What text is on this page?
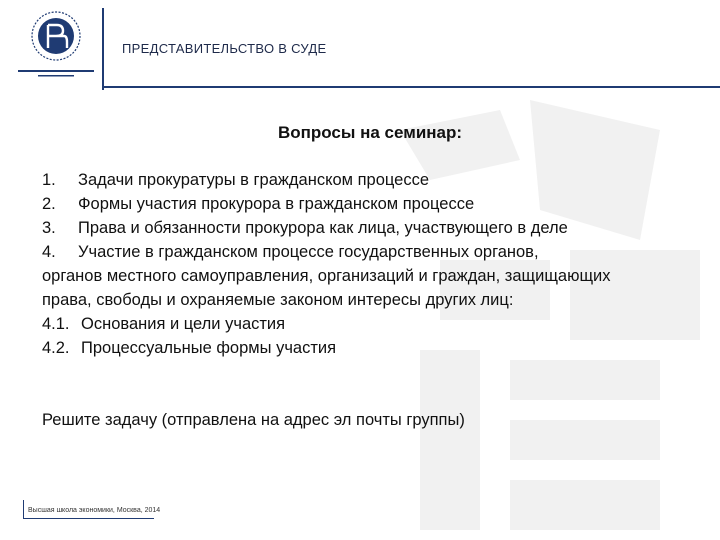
ПРЕДСТАВИТЕЛЬСТВО В СУДЕ
Вопросы на семинар:
1.	Задачи прокуратуры в гражданском процессе
2.	Формы участия прокурора в гражданском процессе
3.	Права и обязанности прокурора как лица, участвующего в деле
4.	Участие в гражданском процессе государственных органов,

органов местного самоуправления, организаций и граждан, защищающих права, свободы и охраняемые законом интересы других лиц:

4.1. Основания и цели участия
4.2. Процессуальные формы участия
Решите задачу (отправлена на адрес эл почты группы)
Высшая школа экономики, Москва, 2014
